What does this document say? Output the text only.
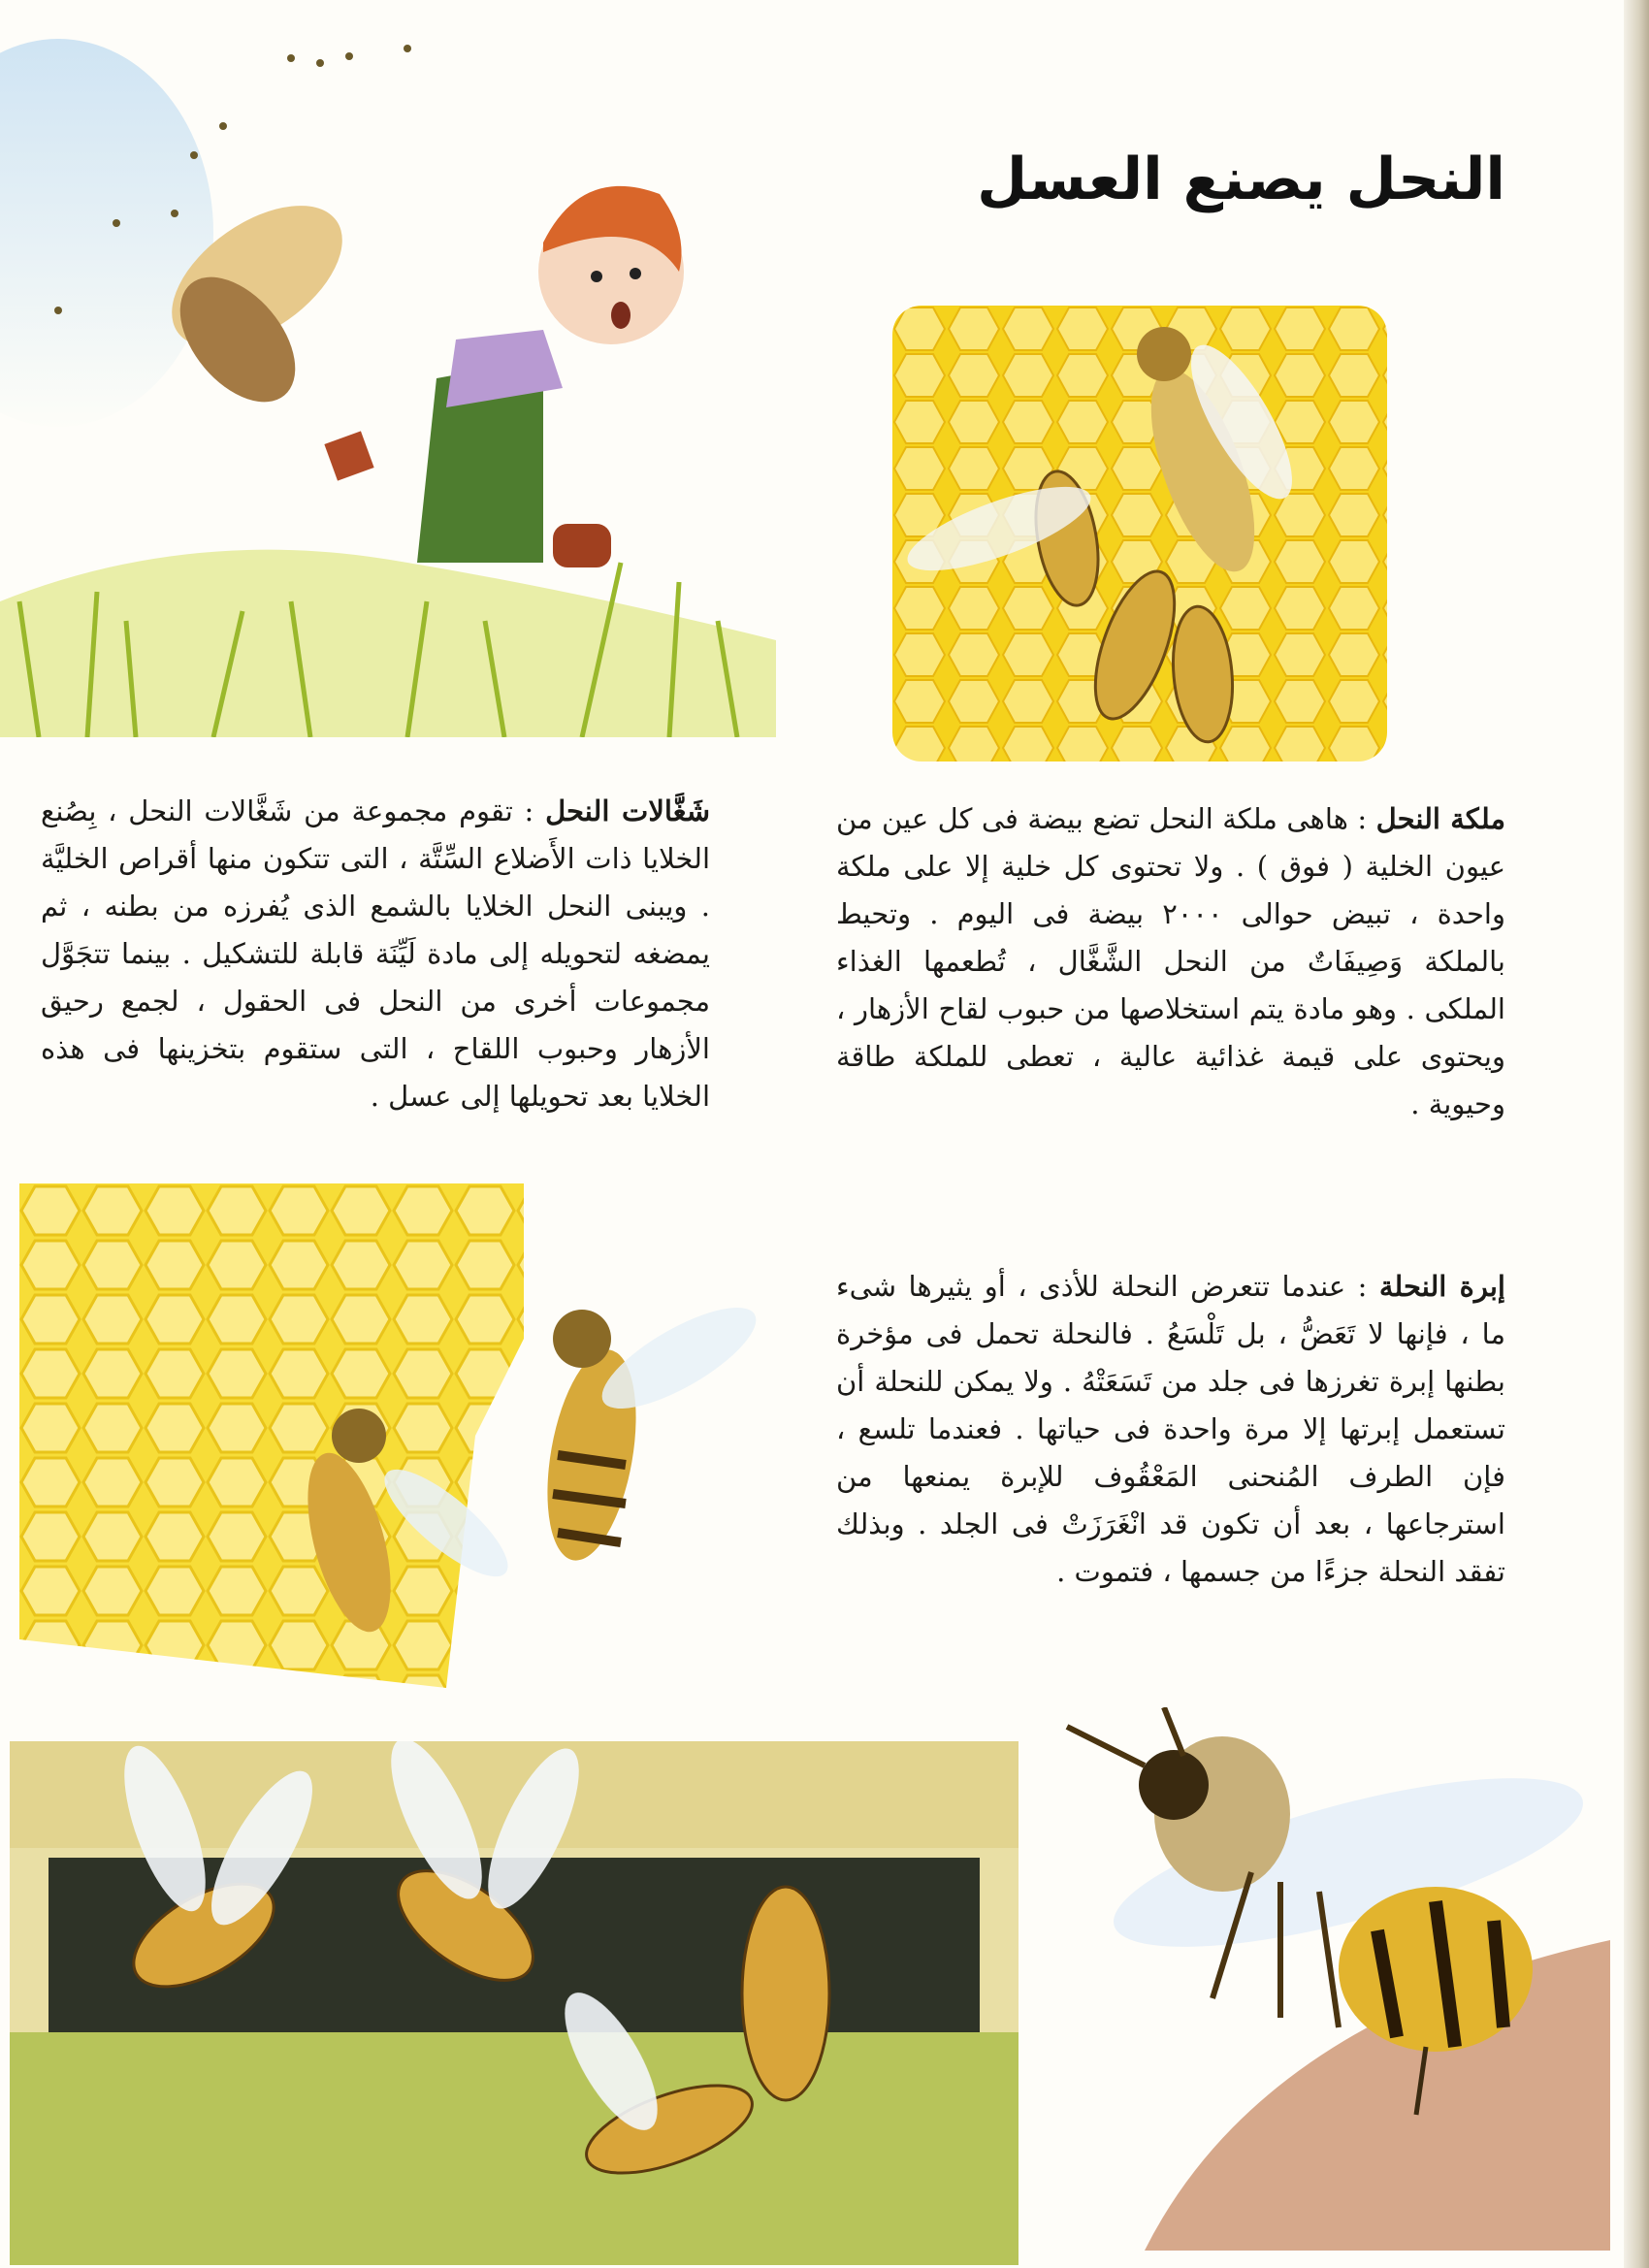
النحل يصنع العسل
ملكة النحل : هاهى ملكة النحل تضع بيضة فى كل عين من عيون الخلية ( فوق ) . ولا تحتوى كل خلية إلا على ملكة واحدة ، تبيض حوالى ٢٠٠٠ بيضة فى اليوم . وتحيط بالملكة وَصِيفَاتٌ من النحل الشَّغَّال ، تُطعمها الغذاء الملكى . وهو مادة يتم استخلاصها من حبوب لقاح الأزهار ، ويحتوى على قيمة غذائية عالية ، تعطى للملكة طاقة وحيوية .
شَغَّالات النحل : تقوم مجموعة من شَغَّالات النحل ، بِصُنع الخلايا ذات الأَضلاع السِّتَّة ، التى تتكون منها أقراص الخليَّة . ويبنى النحل الخلايا بالشمع الذى يُفرزه من بطنه ، ثم يمضغه لتحويله إلى مادة لَيِّنَة قابلة للتشكيل . بينما تتجَوَّل مجموعات أخرى من النحل فى الحقول ، لجمع رحيق الأزهار وحبوب اللقاح ، التى ستقوم بتخزينها فى هذه الخلايا بعد تحويلها إلى عسل .
إبرة النحلة : عندما تتعرض النحلة للأذى ، أو يثيرها شىء ما ، فإنها لا تَعَضُّ ، بل تَلْسَعُ . فالنحلة تحمل فى مؤخرة بطنها إبرة تغرزها فى جلد من تَسَعَتْهُ . ولا يمكن للنحلة أن تستعمل إبرتها إلا مرة واحدة فى حياتها . فعندما تلسع ، فإن الطرف المُنحنى المَعْقُوف للإبرة يمنعها من استرجاعها ، بعد أن تكون قد انْغَرَزَتْ فى الجلد . وبذلك تفقد النحلة جزءًا من جسمها ، فتموت .
